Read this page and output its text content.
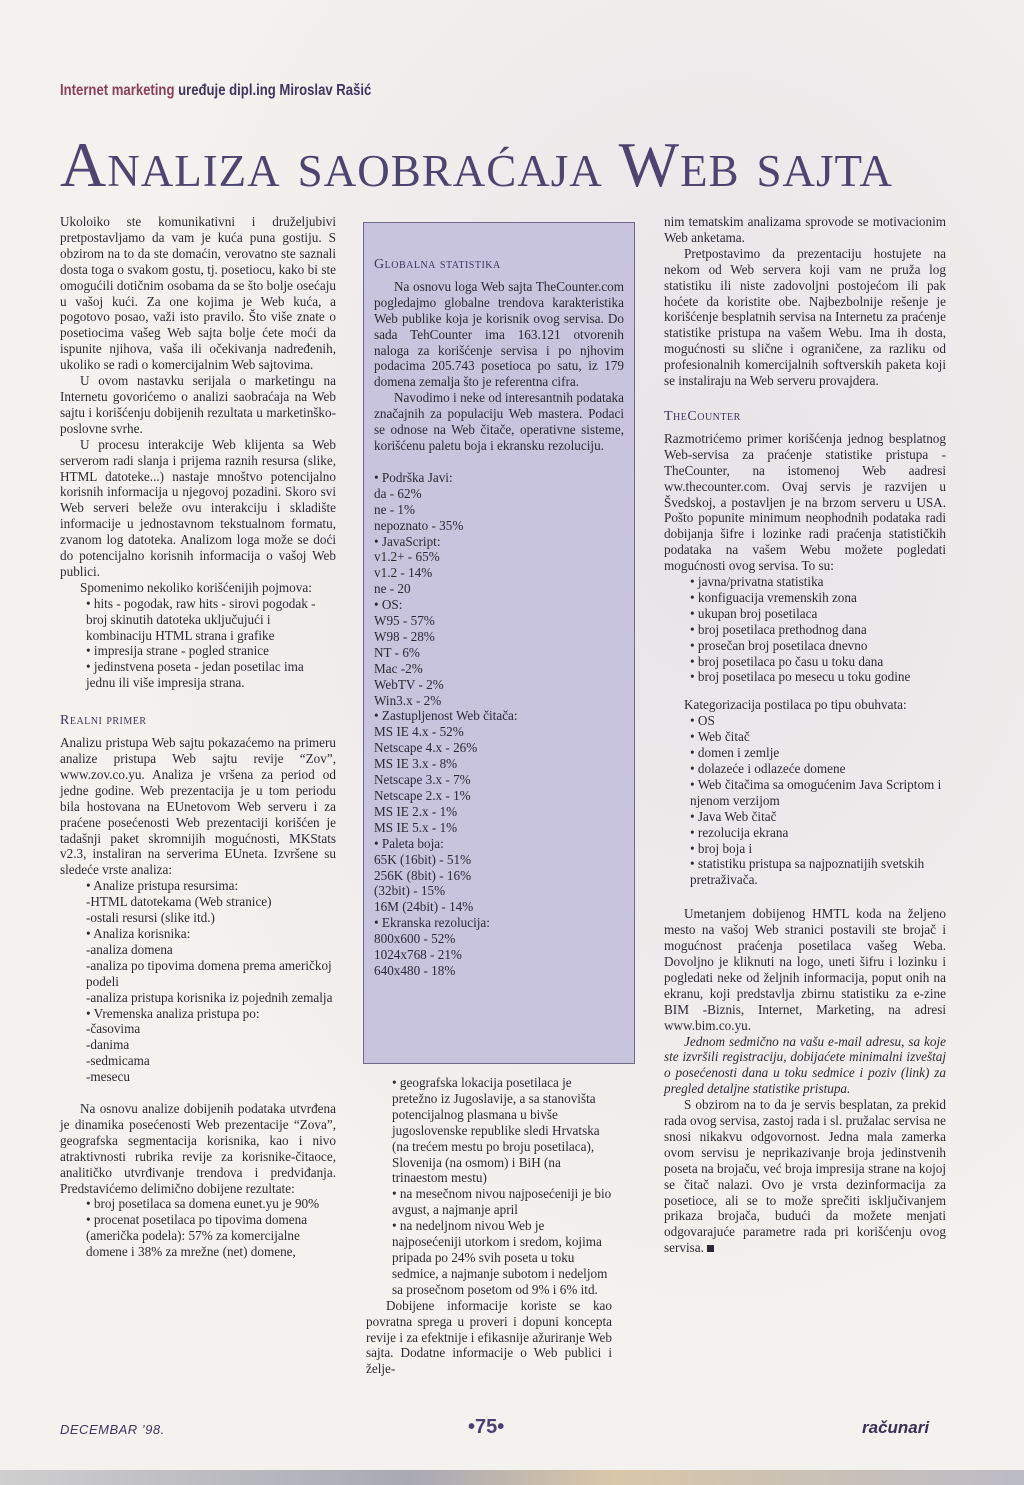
Internet marketing uređuje dipl.ing Miroslav Rašić
Analiza saobraćaja Web sajta

Ukoloiko ste komunikativni i druželjubivi pretpostavljamo da vam je kuća puna gostiju. S obzirom na to da ste domaćin, verovatno ste saznali dosta toga o svakom gostu, tj. posetiocu, kako bi ste omogućili dotičnim osobama da se što bolje osećaju u vašoj kući. Za one kojima je Web kuća, a pogotovo posao, važi isto pravilo. Što više znate o posetiocima vašeg Web sajta bolje ćete moći da ispunite njihova, vaša ili očekivanja nadređenih, ukoliko se radi o komercijalnim Web sajtovima.

U ovom nastavku serijala o marketingu na Internetu govorićemo o analizi saobraćaja na Web sajtu i korišćenju dobijenih rezultata u marketinško-poslovne svrhe.

U procesu interakcije Web klijenta sa Web serverom radi slanja i prijema raznih resursa (slike, HTML datoteke...) nastaje mnoštvo potencijalno korisnih informacija u njegovoj pozadini. Skoro svi Web serveri beleže ovu interakciju i skladište informacije u jednostavnom tekstualnom formatu, zvanom log datoteka. Analizom loga može se doći do potencijalno korisnih informacija o vašoj Web publici.

Spomenimo nekoliko korišćenijih pojmova:

• hits - pogodak, raw hits - sirovi pogodak - broj skinutih datoteka uključujući i kombinaciju HTML strana i grafike
• impresija strane - pogled stranice
• jedinstvena poseta - jedan posetilac ima jednu ili više impresija strana.
Realni primer

Analizu pristupa Web sajtu pokazaćemo na primeru analize pristupa Web sajtu revije “Zov”, www.zov.co.yu. Analiza je vršena za period od jedne godine. Web prezentacija je u tom periodu bila hostovana na EUnetovom Web serveru i za praćene posećenosti Web prezentaciji korišćen je tadašnji paket skromnijih mogućnosti, MKStats v2.3, instaliran na serverima EUneta. Izvršene su sledeće vrste analiza:

• Analize pristupa resursima:
-HTML datotekama (Web stranice)
-ostali resursi (slike itd.)
• Analiza korisnika:
-analiza domena
-analiza po tipovima domena prema američkoj podeli
-analiza pristupa korisnika iz pojednih zemalja
• Vremenska analiza pristupa po:
-časovima
-danima
-sedmicama
-mesecu

Na osnovu analize dobijenih podataka utvrđena je dinamika posećenosti Web prezentacije “Zova”, geografska segmentacija korisnika, kao i nivo atraktivnosti rubrika revije za korisnike-čitaoce, analitičko utvrđivanje trendova i predviđanja. Predstavićemo delimično dobijene rezultate:

• broj posetilaca sa domena eunet.yu je 90%
• procenat posetilaca po tipovima domena (američka podela): 57% za komercijalne domene i 38% za mrežne (net) domene,
Globalna statistika

Na osnovu loga Web sajta TheCounter.com pogledajmo globalne trendova karakteristika Web publike koja je korisnik ovog servisa. Do sada TehCounter ima 163.121 otvorenih naloga za korišćenje servisa i po njhovim podacima 205.743 posetioca po satu, iz 179 domena zemalja što je referentna cifra.

Navodimo i neke od interesantnih podataka značajnih za populaciju Web mastera. Podaci se odnose na Web čitače, operativne sisteme, korišćenu paletu boja i ekransku rezoluciju.

• Podrška Javi:
da - 62%
ne - 1%
nepoznato - 35%
• JavaScript:
v1.2+ - 65%
v1.2 - 14%
ne - 20
• OS:
W95 - 57%
W98 - 28%
NT - 6%
Mac -2%
WebTV - 2%
Win3.x - 2%
• Zastupljenost Web čitača:
MS IE 4.x - 52%
Netscape 4.x - 26%
MS IE 3.x - 8%
Netscape 3.x - 7%
Netscape 2.x - 1%
MS IE 2.x - 1%
MS IE 5.x - 1%
• Paleta boja:
65K (16bit) - 51%
256K (8bit) - 16%
(32bit) - 15%
16M (24bit) - 14%
• Ekranska rezolucija:
800x600 - 52%
1024x768 - 21%
640x480 - 18%
• geografska lokacija posetilaca je pretežno iz Jugoslavije, a sa stanovišta potencijalnog plasmana u bivše jugoslovenske republike sledi Hrvatska (na trećem mestu po broju posetilaca), Slovenija (na osmom) i BiH (na trinaestom mestu)
• na mesečnom nivou najposećeniji je bio avgust, a najmanje april
• na nedeljnom nivou Web je najposećeniji utorkom i sredom, kojima pripada po 24% svih poseta u toku sedmice, a najmanje subotom i nedeljom sa prosečnom posetom od 9% i 6% itd.

Dobijene informacije koriste se kao povratna sprega u proveri i dopuni koncepta revije i za efektnije i efikasnije ažuriranje Web sajta. Dodatne informacije o Web publici i želje-

nim tematskim analizama sprovode se motivacionim Web anketama.

Pretpostavimo da prezentaciju hostujete na nekom od Web servera koji vam ne pruža log statistiku ili niste zadovoljni postojećom ili pak hoćete da koristite obe. Najbezbolnije rešenje je korišćenje besplatnih servisa na Internetu za praćenje statistike pristupa na vašem Webu. Ima ih dosta, mogućnosti su slične i ograničene, za razliku od profesionalnih komercijalnih softverskih paketa koji se instaliraju na Web serveru provajdera.

TheCounter

Razmotrićemo primer korišćenja jednog besplatnog Web-servisa za praćenje statistike pristupa -TheCounter, na istomenoj Web aadresi ww.thecounter.com. Ovaj servis je razvijen u Švedskoj, a postavljen je na brzom serveru u USA. Pošto popunite minimum neophodnih podataka radi dobijanja šifre i lozinke radi praćenja statističkih podataka na vašem Webu možete pogledati mogućnosti ovog servisa. To su:

• javna/privatna statistika
• konfiguacija vremenskih zona
• ukupan broj posetilaca
• broj posetilaca prethodnog dana
• prosečan broj posetilaca dnevno
• broj posetilaca po času u toku dana
• broj posetilaca po mesecu u toku godine

Kategorizacija postilaca po tipu obuhvata:

• OS
• Web čitač
• domen i zemlje
• dolazeće i odlazeće domene
• Web čitačima sa omogućenim Java Scriptom i njenom verzijom
• Java Web čitač
• rezolucija ekrana
• broj boja i
• statistiku pristupa sa najpoznatijih svetskih pretraživača.

Umetanjem dobijenog HMTL koda na željeno mesto na vašoj Web stranici postavili ste brojač i mogućnost praćenja posetilaca vašeg Weba. Dovoljno je kliknuti na logo, uneti šifru i lozinku i pogledati neke od željnih informacija, poput onih na ekranu, koji predstavlja zbirnu statistiku za e-zine BIM -Biznis, Internet, Marketing, na adresi www.bim.co.yu.

Jednom sedmično na vašu e-mail adresu, sa koje ste izvršili registraciju, dobijaćete minimalni izveštaj o posećenosti dana u toku sedmice i poziv (link) za pregled detaljne statistike pristupa.

S obzirom na to da je servis besplatan, za prekid rada ovog servisa, zastoj rada i sl. pružalac servisa ne snosi nikakvu odgovornost. Jedna mala zamerka ovom servisu je neprikazivanje broja jedinstvenih poseta na brojaču, već broja impresija strane na kojoj se čitač nalazi. Ovo je vrsta dezinformacija za posetioce, ali se to može sprečiti isključivanjem prikaza brojača, budući da možete menjati odgovarajuće parametre rada pri korišćenju ovog servisa.

DECEMBAR ’98.	•75•	računari
